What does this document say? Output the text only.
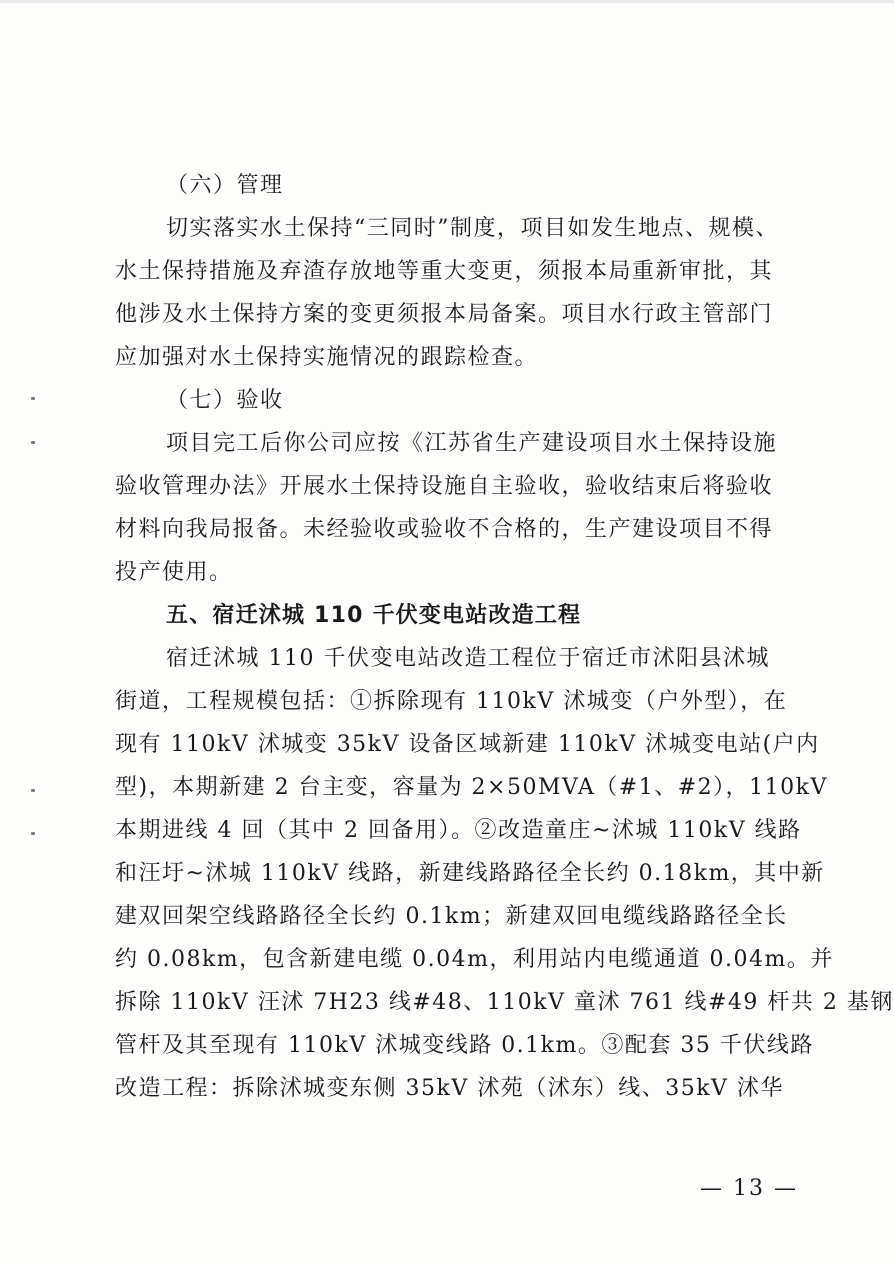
（六）管理
切实落实水土保持“三同时”制度，项目如发生地点、规模、
水土保持措施及弃渣存放地等重大变更，须报本局重新审批，其
他涉及水土保持方案的变更须报本局备案。项目水行政主管部门
应加强对水土保持实施情况的跟踪检查。
（七）验收
项目完工后你公司应按《江苏省生产建设项目水土保持设施
验收管理办法》开展水土保持设施自主验收，验收结束后将验收
材料向我局报备。未经验收或验收不合格的，生产建设项目不得
投产使用。
五、宿迁沭城 110 千伏变电站改造工程
宿迁沭城 110 千伏变电站改造工程位于宿迁市沭阳县沭城
街道，工程规模包括：①拆除现有 110kV 沭城变（户外型），在
现有 110kV 沭城变 35kV 设备区域新建 110kV 沭城变电站(户内
型)，本期新建 2 台主变，容量为 2×50MVA（#1、#2），110kV
本期进线 4 回（其中 2 回备用）。②改造童庄~沭城 110kV 线路
和汪圩~沭城 110kV 线路，新建线路路径全长约 0.18km，其中新
建双回架空线路路径全长约 0.1km；新建双回电缆线路路径全长
约 0.08km，包含新建电缆 0.04m，利用站内电缆通道 0.04m。并
拆除 110kV 汪沭 7H23 线#48、110kV 童沭 761 线#49 杆共 2 基钢
管杆及其至现有 110kV 沭城变线路 0.1km。③配套 35 千伏线路
改造工程：拆除沭城变东侧 35kV 沭苑（沭东）线、35kV 沭华
— 13 —
